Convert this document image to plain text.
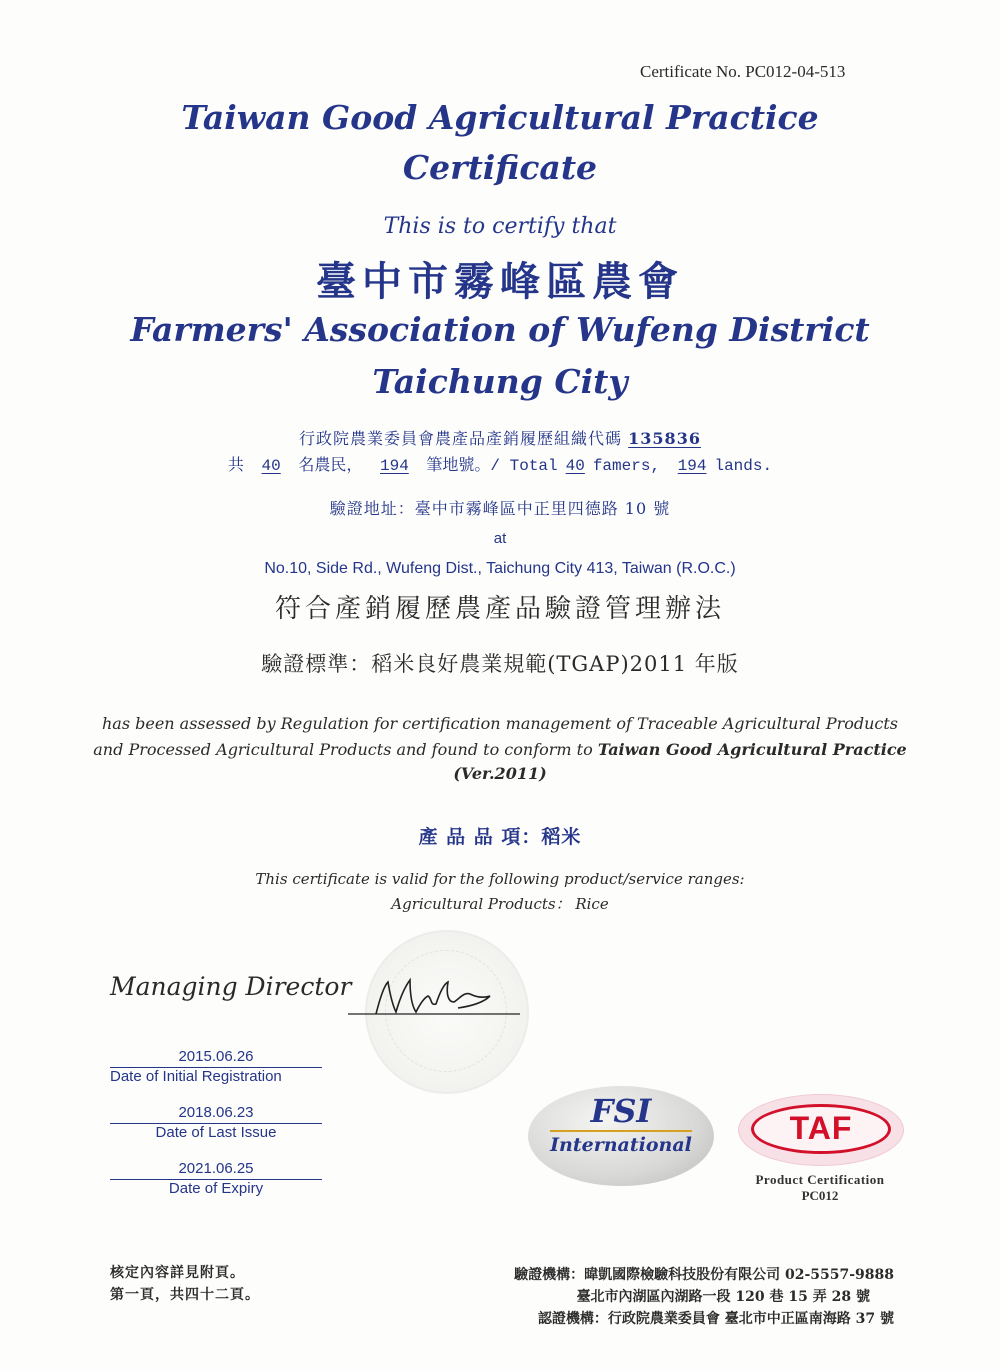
Certificate No. PC012-04-513
Taiwan Good Agricultural Practice
Certificate
This is to certify that
臺中市霧峰區農會
Farmers' Association of Wufeng District
Taichung City
行政院農業委員會農產品產銷履歷組織代碼 135836
共 40 名農民， 194 筆地號。/ Total 40 famers, 194 lands.
驗證地址：臺中市霧峰區中正里四德路 10 號
at
No.10, Side Rd., Wufeng Dist., Taichung City 413, Taiwan (R.O.C.)
符合產銷履歷農產品驗證管理辦法
驗證標準：稻米良好農業規範(TGAP)2011 年版
has been assessed by Regulation for certification management of Traceable Agricultural Products
and Processed Agricultural Products and found to conform to Taiwan Good Agricultural Practice
(Ver.2011)
產 品 品 項：稻米
This certificate is valid for the following product/service ranges:
Agricultural Products： Rice
Managing Director
2015.06.26
Date of Initial Registration
2018.06.23
Date of Last Issue
2021.06.25
Date of Expiry
FSI
International	TAF
Product Certification
PC012
核定內容詳見附頁。
第一頁，共四十二頁。
驗證機構：暐凱國際檢驗科技股份有限公司 02-5557-9888
臺北市內湖區內湖路一段 120 巷 15 弄 28 號
認證機構：行政院農業委員會 臺北市中正區南海路 37 號
